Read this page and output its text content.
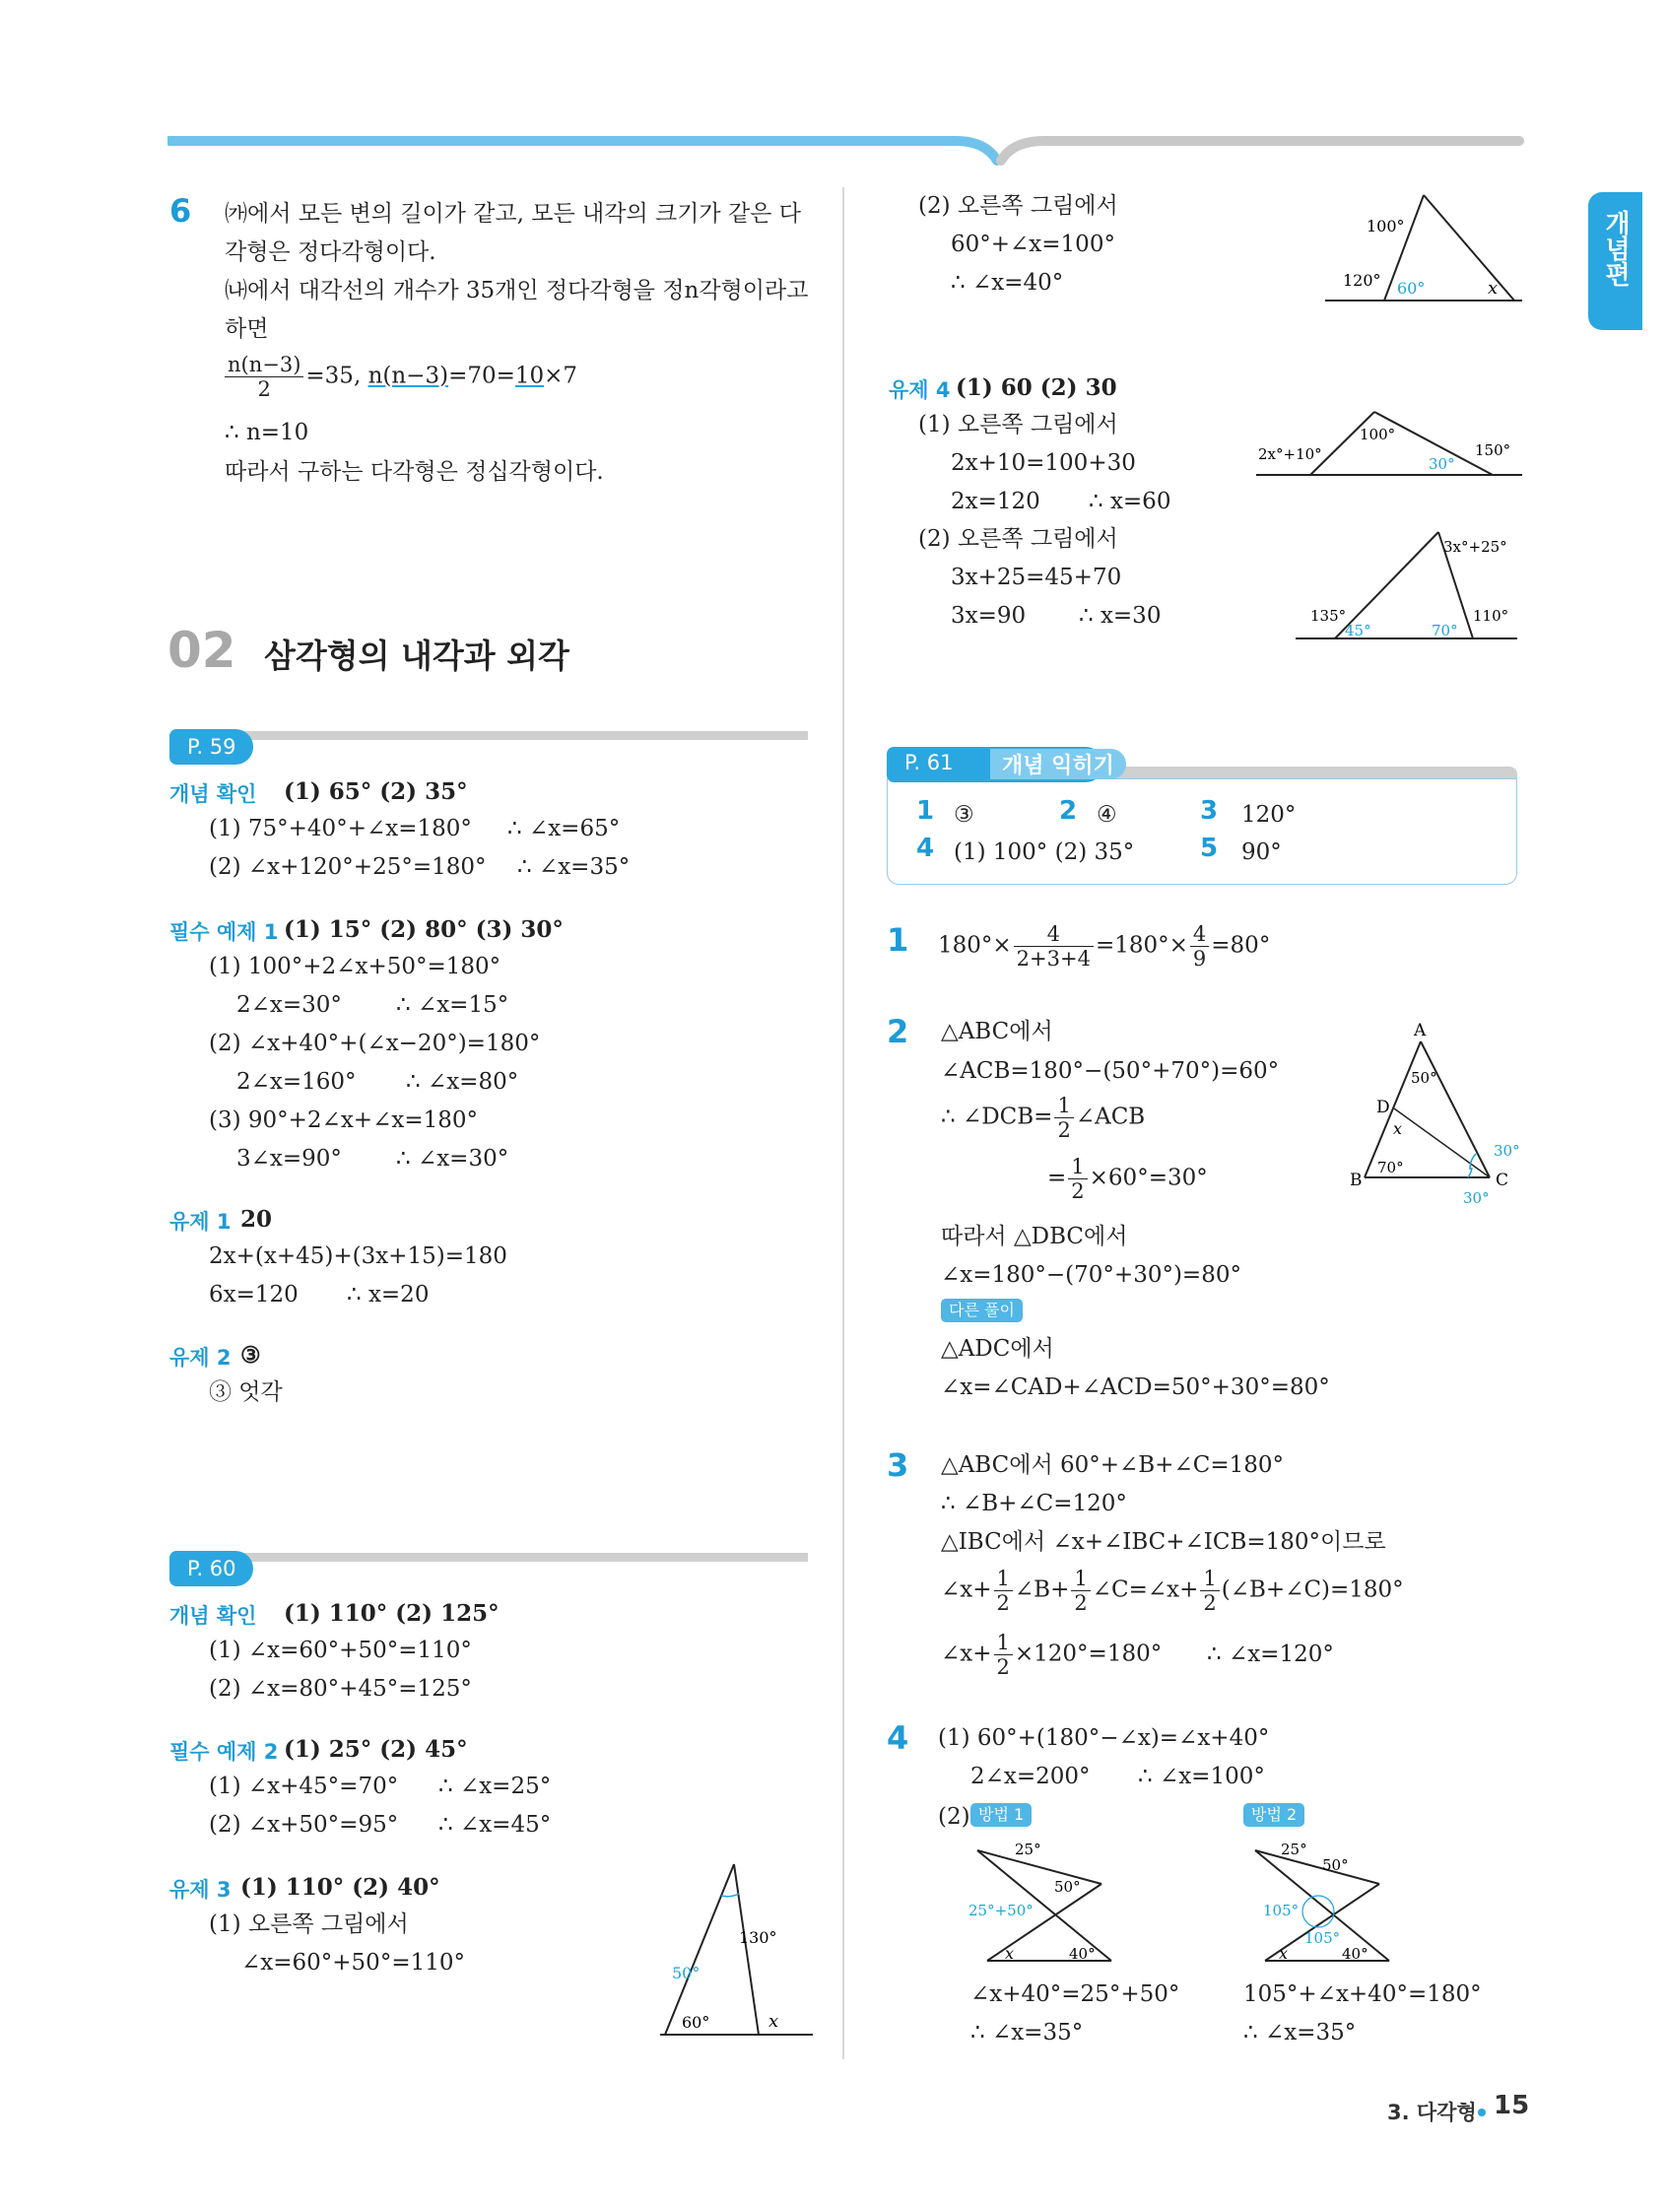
개념편
6 ㈎에서 모든 변의 길이가 같고, 모든 내각의 크기가 같은 다
각형은 정다각형이다.
㈏에서 대각선의 개수가 35개인 정다각형을 정n각형이라고
하면
$\frac{n(n-3)}{2} =35$, n(n−3)=70=10×7
∴ n=10
따라서 구하는 다각형은 정십각형이다.
02 삼각형의 내각과 외각
P. 59
개념 확인 (1) 65° (2) 35°
(1) 75°+40°+∠x=180° ∴ ∠x=65°
(2) ∠x+120°+25°=180° ∴ ∠x=35°
필수 예제 1 (1) 15° (2) 80° (3) 30°
(1) 100°+2∠x+50°=180°
2∠x=30° ∴ ∠x=15°
(2) ∠x+40°+(∠x−20°)=180°
2∠x=160° ∴ ∠x=80°
(3) 90°+2∠x+∠x=180°
3∠x=90° ∴ ∠x=30°
유제 1 20
2x+(x+45)+(3x+15)=180
6x=120 ∴ x=20
유제 2 ③
③ 엇각
P. 60
개념 확인 (1) 110° (2) 125°
(1) ∠x=60°+50°=110°
(2) ∠x=80°+45°=125°
필수 예제 2 (1) 25° (2) 45°
(1) ∠x+45°=70° ∴ ∠x=25°
(2) ∠x+50°=95° ∴ ∠x=45°
유제 3 (1) 110° (2) 40°
(1) 오른쪽 그림에서
∠x=60°+50°=110°
130°
50°
60°	x
(2) 오른쪽 그림에서
60°+∠x=100°
∴ ∠x=40°
100°
120° 60°	x
유제 4 (1) 60 (2) 30
(1) 오른쪽 그림에서
2x+10=100+30
2x=120 ∴ x=60
2x°+10°
100°
30°
150°
(2) 오른쪽 그림에서
3x+25=45+70
3x=90 ∴ x=30
3x°+25°
135°
45°	70°
110°
P. 61	개념 익히기
1 ③	2 ④	3 120°
4 (1) 100° (2) 35°	5 90°
1 $180^\circ\times \frac{4}{2+3+4} =180^\circ\times \frac{4}{9} =80^\circ$
2 △ABC에서
∠ACB=180°−(50°+70°)=60°
∴ ∠DCB= $\frac{1}{2}$ ∠ACB
= $\frac{1}{2} \times 60^\circ=30^\circ$
따라서 △DBC에서
∠x=180°−(70°+30°)=80°
다른 풀이
△ADC에서
∠x=∠CAD+∠ACD=50°+30°=80°
A
B	C
D
50°
x
70°
30°
30°
3 △ABC에서 60°+∠B+∠C=180°
∴ ∠B+∠C=120°
△IBC에서 ∠x+∠IBC+∠ICB=180°이므로
∠x+ $\frac{1}{2}$ ∠B+ $\frac{1}{2}$ ∠C=∠x+ $\frac{1}{2}$ (∠B+∠C)=180°
∠x+ $\frac{1}{2} \times 120^\circ=180^\circ$ ∴ ∠x=120°
4 (1) 60°+(180°−∠x)=∠x+40°
2∠x=200° ∴ ∠x=100°
(2) 방법 1	방법 2
25°
50°
25°+50°
x	40°
25°
50°
105°
105°
x	40°
∠x+40°=25°+50°
∴ ∠x=35°
105°+∠x+40°=180°
∴ ∠x=35°
3. 다각형 15
